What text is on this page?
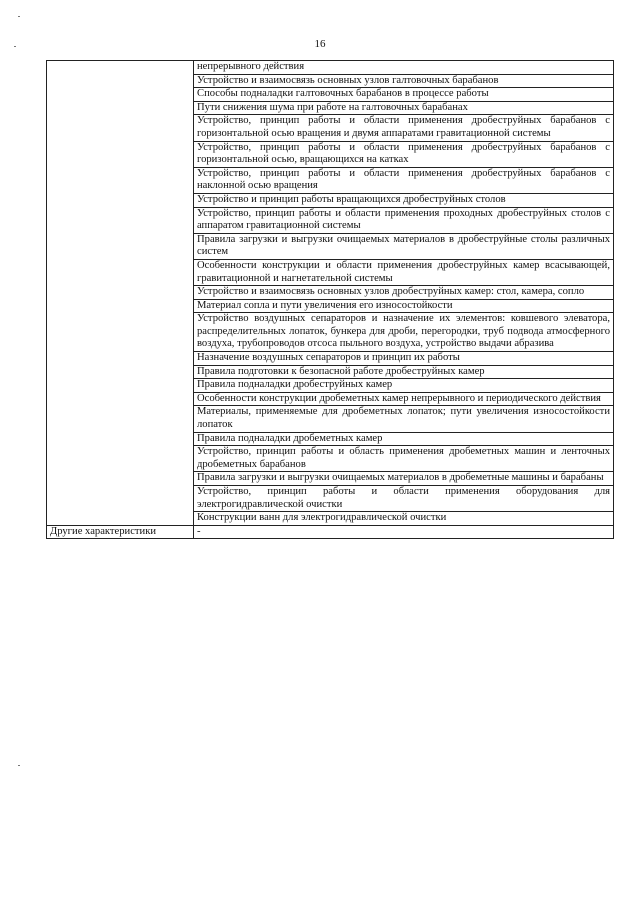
16
	непрерывного действия
	Устройство и взаимосвязь основных узлов галтовочных барабанов
	Способы подналадки галтовочных барабанов в процессе работы
	Пути снижения шума при работе на галтовочных барабанах
	Устройство, принцип работы и области применения дробеструйных барабанов с горизонтальной осью вращения и двумя аппаратами гравитационной системы
	Устройство, принцип работы и области применения дробеструйных барабанов с горизонтальной осью, вращающихся на катках
	Устройство, принцип работы и области применения дробеструйных барабанов с наклонной осью вращения
	Устройство и принцип работы вращающихся дробеструйных столов
	Устройство, принцип работы и области применения проходных дробеструйных столов с аппаратом гравитационной системы
	Правила загрузки и выгрузки очищаемых материалов в дробеструйные столы различных систем
	Особенности конструкции и области применения дробеструйных камер всасывающей, гравитационной и нагнетательной системы
	Устройство и взаимосвязь основных узлов дробеструйных камер: стол, камера, сопло
	Материал сопла и пути увеличения его износостойкости
	Устройство воздушных сепараторов и назначение их элементов: ковшевого элеватора, распределительных лопаток, бункера для дроби, перегородки, труб подвода атмосферного воздуха, трубопроводов отсоса пыльного воздуха, устройство выдачи абразива
	Назначение воздушных сепараторов и принцип их работы
	Правила подготовки к безопасной работе дробеструйных камер
	Правила подналадки дробеструйных камер
	Особенности конструкции дробеметных камер непрерывного и периодического действия
	Материалы, применяемые для дробеметных лопаток; пути увеличения износостойкости лопаток
	Правила подналадки дробеметных камер
	Устройство, принцип работы и область применения дробеметных машин и ленточных дробеметных барабанов
	Правила загрузки и выгрузки очищаемых материалов в дробеметные машины и барабаны
	Устройство, принцип работы и области применения оборудования для электрогидравлической очистки
	Конструкции ванн для электрогидравлической очистки
Другие характеристики	-
